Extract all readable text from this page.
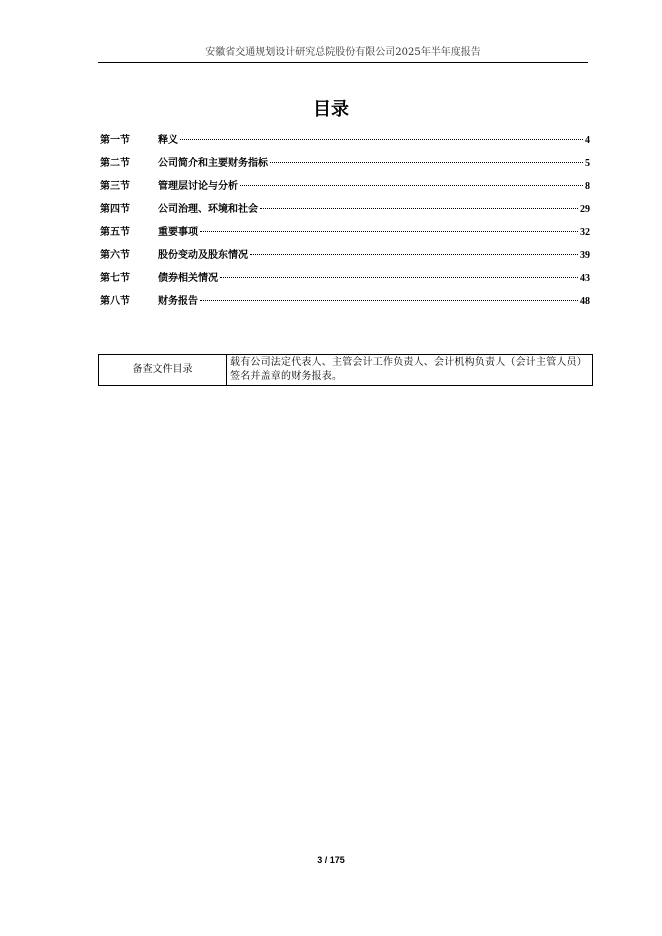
安徽省交通规划设计研究总院股份有限公司2025年半年度报告
目录
第一节	释义	4
第二节	公司简介和主要财务指标	5
第三节	管理层讨论与分析	8
第四节	公司治理、环境和社会	29
第五节	重要事项	32
第六节	股份变动及股东情况	39
第七节	债券相关情况	43
第八节	财务报告	48
备查文件目录	载有公司法定代表人、主管会计工作负责人、会计机构负责人（会计主管人员）签名并盖章的财务报表。
3 / 175
